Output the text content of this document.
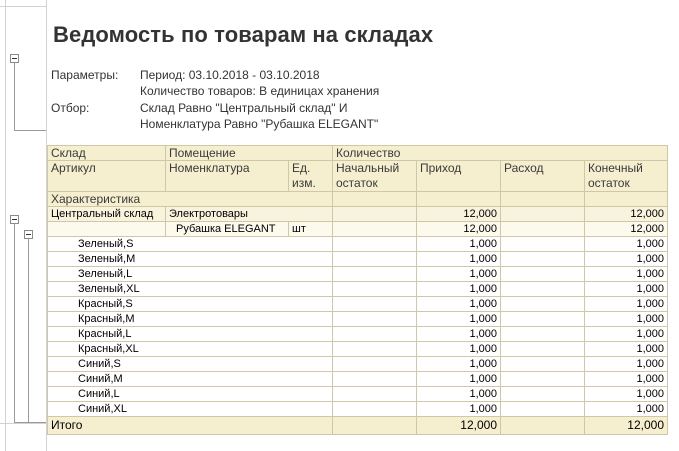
Ведомость по товарам на складах
Параметры: Период: 03.10.2018 - 03.10.2018
Количество товаров: В единицах хранения
Отбор:	Склад Равно "Центральный склад" И
Номенклатура Равно "Рубашка ELEGANT"
Склад	Помещение		Количество			
Артикул	Номенклатура	Ед. изм.	Начальный остаток	Приход	Расход	Конечный остаток
Характеристика						
Центральный склад	Электротовары			12,000		12,000
	Рубашка ELEGANT	шт		12,000		12,000
Зеленый,S				1,000		1,000
Зеленый,M				1,000		1,000
Зеленый,L				1,000		1,000
Зеленый,XL				1,000		1,000
Красный,S				1,000		1,000
Красный,M				1,000		1,000
Красный,L				1,000		1,000
Красный,XL				1,000		1,000
Синий,S				1,000		1,000
Синий,M				1,000		1,000
Синий,L				1,000		1,000
Синий,XL				1,000		1,000
Итого				12,000		12,000
